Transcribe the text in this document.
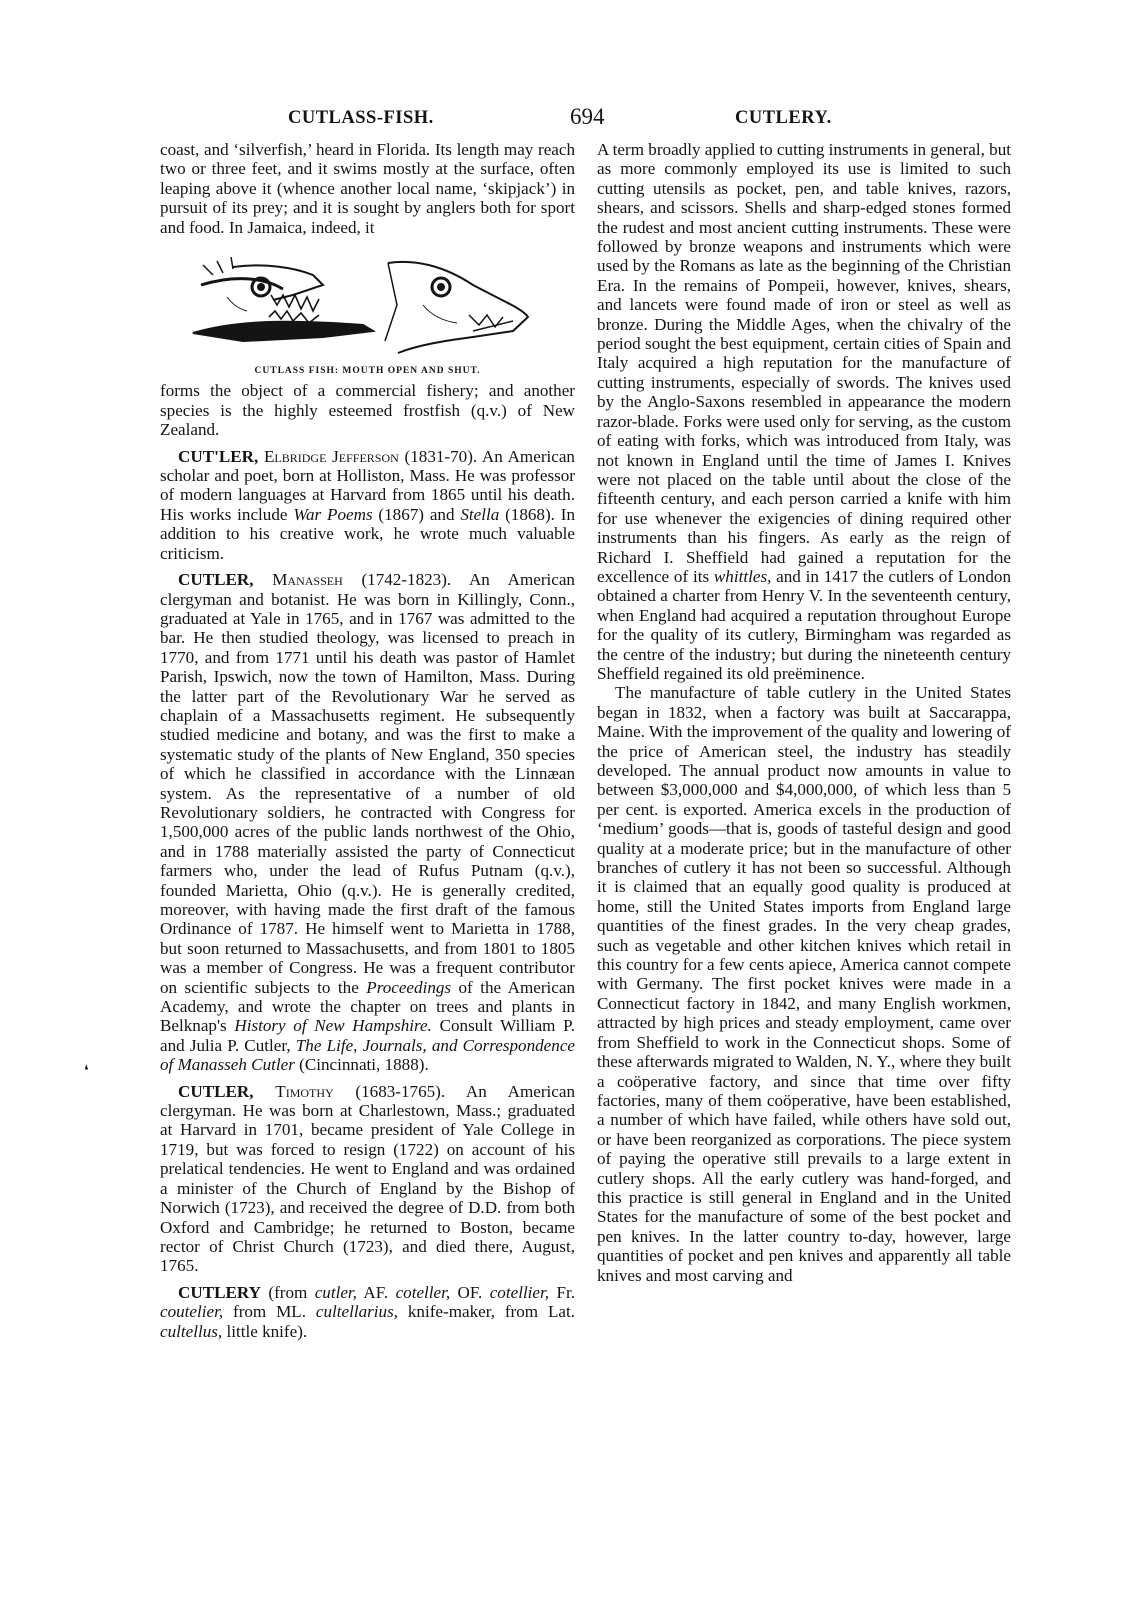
CUTLASS-FISH.	694	CUTLERY.
❛

coast, and ‘silverfish,’ heard in Florida. Its length may reach two or three feet, and it swims mostly at the surface, often leaping above it (whence another local name, ‘skipjack’) in pursuit of its prey; and it is sought by anglers both for sport and food. In Jamaica, indeed, it

CUTLASS FISH: MOUTH OPEN AND SHUT.

forms the object of a commercial fishery; and another species is the highly esteemed frostfish (q.v.) of New Zealand.

CUT'LER, Elbridge Jefferson (1831-70). An American scholar and poet, born at Holliston, Mass. He was professor of modern languages at Harvard from 1865 until his death. His works include War Poems (1867) and Stella (1868). In addition to his creative work, he wrote much valuable criticism.

CUTLER, Manasseh (1742-1823). An American clergyman and botanist. He was born in Killingly, Conn., graduated at Yale in 1765, and in 1767 was admitted to the bar. He then studied theology, was licensed to preach in 1770, and from 1771 until his death was pastor of Hamlet Parish, Ipswich, now the town of Hamilton, Mass. During the latter part of the Revolutionary War he served as chaplain of a Massachusetts regiment. He subsequently studied medicine and botany, and was the first to make a systematic study of the plants of New England, 350 species of which he classified in accordance with the Linnæan system. As the representative of a number of old Revolutionary soldiers, he contracted with Congress for 1,500,000 acres of the public lands northwest of the Ohio, and in 1788 materially assisted the party of Connecticut farmers who, under the lead of Rufus Putnam (q.v.), founded Marietta, Ohio (q.v.). He is generally credited, moreover, with having made the first draft of the famous Ordinance of 1787. He himself went to Marietta in 1788, but soon returned to Massachusetts, and from 1801 to 1805 was a member of Congress. He was a frequent contributor on scientific subjects to the Proceedings of the American Academy, and wrote the chapter on trees and plants in Belknap's History of New Hampshire. Consult William P. and Julia P. Cutler, The Life, Journals, and Correspondence of Manasseh Cutler (Cincinnati, 1888).

CUTLER, Timothy (1683-1765). An American clergyman. He was born at Charlestown, Mass.; graduated at Harvard in 1701, became president of Yale College in 1719, but was forced to resign (1722) on account of his prelatical tendencies. He went to England and was ordained a minister of the Church of England by the Bishop of Norwich (1723), and received the degree of D.D. from both Oxford and Cambridge; he returned to Boston, became rector of Christ Church (1723), and died there, August, 1765.

CUTLERY (from cutler, AF. coteller, OF. cotellier, Fr. coutelier, from ML. cultellarius, knife-maker, from Lat. cultellus, little knife).

A term broadly applied to cutting instruments in general, but as more commonly employed its use is limited to such cutting utensils as pocket, pen, and table knives, razors, shears, and scissors. Shells and sharp-edged stones formed the rudest and most ancient cutting instruments. These were followed by bronze weapons and instruments which were used by the Romans as late as the beginning of the Christian Era. In the remains of Pompeii, however, knives, shears, and lancets were found made of iron or steel as well as bronze. During the Middle Ages, when the chivalry of the period sought the best equipment, certain cities of Spain and Italy acquired a high reputation for the manufacture of cutting instruments, especially of swords. The knives used by the Anglo-Saxons resembled in appearance the modern razor-blade. Forks were used only for serving, as the custom of eating with forks, which was introduced from Italy, was not known in England until the time of James I. Knives were not placed on the table until about the close of the fifteenth century, and each person carried a knife with him for use whenever the exigencies of dining required other instruments than his fingers. As early as the reign of Richard I. Sheffield had gained a reputation for the excellence of its whittles, and in 1417 the cutlers of London obtained a charter from Henry V. In the seventeenth century, when England had acquired a reputation throughout Europe for the quality of its cutlery, Birmingham was regarded as the centre of the industry; but during the nineteenth century Sheffield regained its old preëminence.

The manufacture of table cutlery in the United States began in 1832, when a factory was built at Saccarappa, Maine. With the improvement of the quality and lowering of the price of American steel, the industry has steadily developed. The annual product now amounts in value to between $3,000,000 and $4,000,000, of which less than 5 per cent. is exported. America excels in the production of ‘medium’ goods—that is, goods of tasteful design and good quality at a moderate price; but in the manufacture of other branches of cutlery it has not been so successful. Although it is claimed that an equally good quality is produced at home, still the United States imports from England large quantities of the finest grades. In the very cheap grades, such as vegetable and other kitchen knives which retail in this country for a few cents apiece, America cannot compete with Germany. The first pocket knives were made in a Connecticut factory in 1842, and many English workmen, attracted by high prices and steady employment, came over from Sheffield to work in the Connecticut shops. Some of these afterwards migrated to Walden, N. Y., where they built a coöperative factory, and since that time over fifty factories, many of them coöperative, have been established, a number of which have failed, while others have sold out, or have been reorganized as corporations. The piece system of paying the operative still prevails to a large extent in cutlery shops. All the early cutlery was hand-forged, and this practice is still general in England and in the United States for the manufacture of some of the best pocket and pen knives. In the latter country to-day, however, large quantities of pocket and pen knives and apparently all table knives and most carving and
